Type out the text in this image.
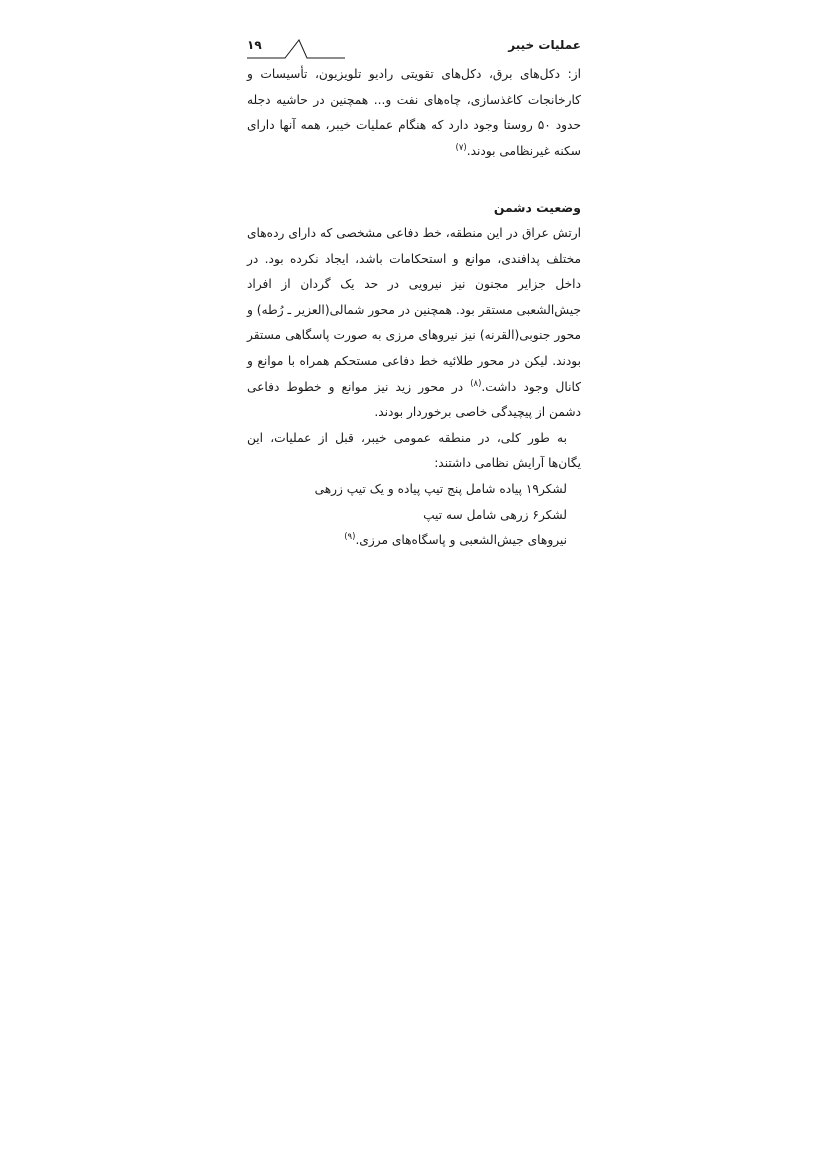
عملیات خیبر
۱۹

از: دکل‌های برق، دکل‌های تقویتی رادیو تلویزیون، تأسیسات و کارخانجات کاغذسازی، چاه‌های نفت و... همچنین در حاشیه دجله حدود ۵۰ روستا وجود دارد که هنگام عملیات خیبر، همه آنها دارای سکنه غیرنظامی بودند.$^{(۷)}$

وضعیت دشمن

ارتش عراق در این منطقه، خط دفاعی مشخصی که دارای رده‌های مختلف پدافندی، موانع و استحکامات باشد، ایجاد نکرده بود. در داخل جزایر مجنون نیز نیرویی در حد یک گردان از افراد جیش‌الشعبی مستقر بود. همچنین در محور شمالی(العزیر ـ رُطه) و محور جنوبی(القرنه) نیز نیروهای مرزی به صورت پاسگاهی مستقر بودند. لیکن در محور طلائیه خط دفاعی مستحکم همراه با موانع و کانال وجود داشت.$^{(۸)}$ در محور زید نیز موانع و خطوط دفاعی دشمن از پیچیدگی خاصی برخوردار بودند.

به طور کلی، در منطقه عمومی خیبر، قبل از عملیات، این یگان‌ها آرایش نظامی داشتند:

لشکر۱۹ پیاده شامل پنج تیپ پیاده و یک تیپ زرهی
لشکر۶ زرهی شامل سه تیپ
نیروهای جیش‌الشعبی و پاسگاه‌های مرزی.$^{(۹)}$
